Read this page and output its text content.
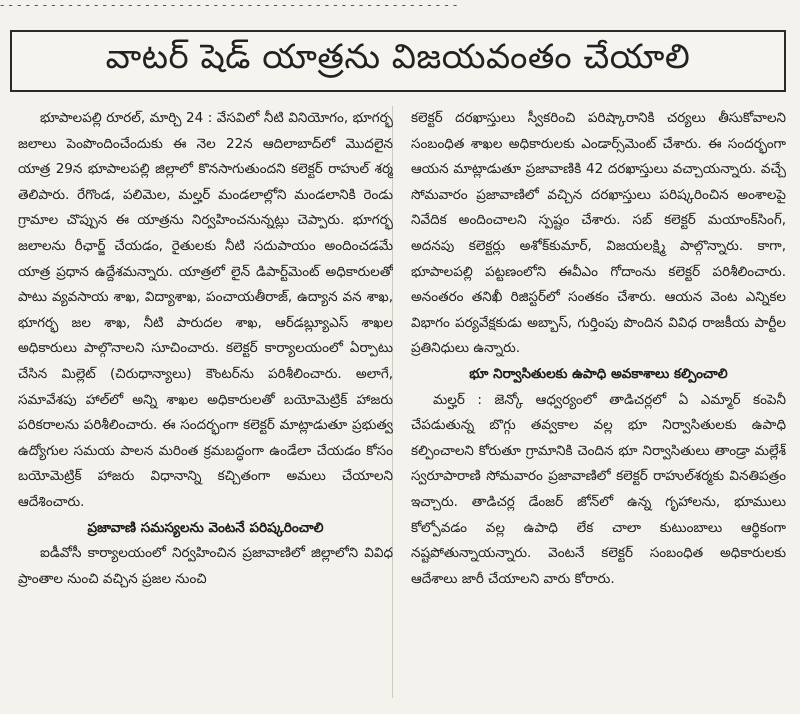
- - - - - - - - - - - - - - - - - - - - - - - - - - - - - - - - - - - - - - - - - - - - - - - - - - - - - -
వాటర్ షెడ్ యాత్రను విజయవంతం చేయాలి

భూపాలపల్లి రూరల్, మార్చి 24 : వేసవిలో నీటి వినియోగం, భూగర్భ జలాలు పెంపొందించేందుకు ఈ నెల 22న ఆదిలాబాద్‌లో మొదలైన యాత్ర 29న భూపాలపల్లి జిల్లాలో కొనసాగుతుందని కలెక్టర్ రాహుల్ శర్మ తెలిపారు. రేగొండ, పలిమెల, మల్హర్ మండలాల్లోని మండలానికి రెండు గ్రామాల చొప్పున ఈ యాత్రను నిర్వహించనున్నట్లు చెప్పారు. భూగర్భ జలాలను రీఛార్జ్ చేయడం, రైతులకు నీటి సదుపాయం అందించడమే యాత్ర ప్రధాన ఉద్దేశమన్నారు. యాత్రలో లైన్ డిపార్ట్‌మెంట్ అధికారులతో పాటు వ్యవసాయ శాఖ, విద్యాశాఖ, పంచాయతీరాజ్, ఉద్యాన వన శాఖ, భూగర్భ జల శాఖ, నీటి పారుదల శాఖ, ఆర్‌డబ్ల్యూఎస్ శాఖల అధికారులు పాల్గొనాలని సూచించారు. కలెక్టర్ కార్యాలయంలో ఏర్పాటు చేసిన మిల్లెట్ (చిరుధాన్యాలు) కౌంటర్‌ను పరిశీలించారు. అలాగే, సమావేశపు హాల్‌లో అన్ని శాఖల అధికారులతో బయోమెట్రిక్ హాజరు పరికరాలను పరిశీలించారు. ఈ సందర్భంగా కలెక్టర్ మాట్లాడుతూ ప్రభుత్వ ఉద్యోగుల సమయ పాలన మరింత క్రమబద్ధంగా ఉండేలా చేయడం కోసం బయోమెట్రిక్ హాజరు విధానాన్ని కచ్చితంగా అమలు చేయాలని ఆదేశించారు.

ప్రజావాణి సమస్యలను వెంటనే పరిష్కరించాలి

ఐడీవోసీ కార్యాలయంలో నిర్వహించిన ప్రజావాణిలో జిల్లాలోని వివిధ ప్రాంతాల నుంచి వచ్చిన ప్రజల నుంచి

కలెక్టర్ దరఖాస్తులు స్వీకరించి పరిష్కారానికి చర్యలు తీసుకోవాలని సంబంధిత శాఖల అధికారులకు ఎండార్స్‌మెంట్ చేశారు. ఈ సందర్భంగా ఆయన మాట్లాడుతూ ప్రజావాణికి 42 దరఖాస్తులు వచ్చాయన్నారు. వచ్చే సోమవారం ప్రజావాణిలో వచ్చిన దరఖాస్తులు పరిష్కరించిన అంశాలపై నివేదిక అందించాలని స్పష్టం చేశారు. సబ్ కలెక్టర్ మయాంక్‌సింగ్, అదనపు కలెక్టర్లు అశోక్‌కుమార్, విజయలక్ష్మి పాల్గొన్నారు. కాగా, భూపాలపల్లి పట్టణంలోని ఈవీఎం గోదాంను కలెక్టర్ పరిశీలించారు. అనంతరం తనిఖీ రిజిస్టర్‌లో సంతకం చేశారు. ఆయన వెంట ఎన్నికల విభాగం పర్యవేక్షకుడు అబ్బాస్, గుర్తింపు పొందిన వివిధ రాజకీయ పార్టీల ప్రతినిధులు ఉన్నారు.

భూ నిర్వాసితులకు ఉపాధి అవకాశాలు కల్పించాలి

మల్హర్ : జెన్కో ఆధ్వర్యంలో తాడిచర్లలో ఏ ఎమ్మార్ కంపెనీ చేపడుతున్న బొగ్గు తవ్వకాల వల్ల భూ నిర్వాసితులకు ఉపాధి కల్పించాలని కోరుతూ గ్రామానికి చెందిన భూ నిర్వాసితులు తాండ్రా మల్లేశ్ స్వరూపారాణి సోమవారం ప్రజావాణిలో కలెక్టర్ రాహుల్‌శర్మకు వినతిపత్రం ఇచ్చారు. తాడిచర్ల డేంజర్ జోన్‌లో ఉన్న గృహాలను, భూములు కోల్పోవడం వల్ల ఉపాధి లేక చాలా కుటుంబాలు ఆర్థికంగా నష్టపోతున్నాయన్నారు. వెంటనే కలెక్టర్ సంబంధిత అధికారులకు ఆదేశాలు జారీ చేయాలని వారు కోరారు.
